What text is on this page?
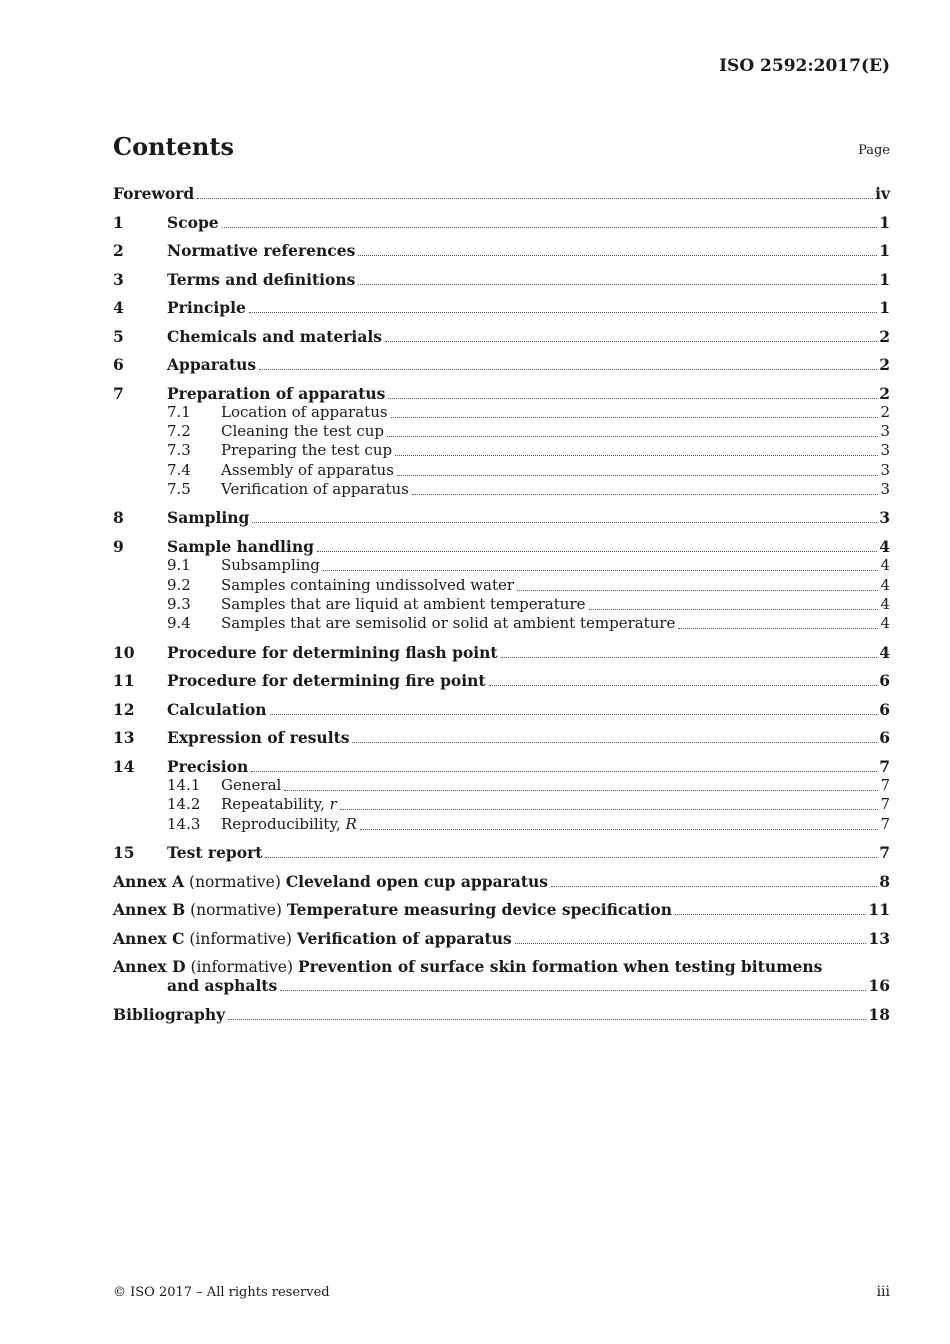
ISO 2592:2017(E)
Contents	Page
Foreword	iv
1	Scope	1
2	Normative references	1
3	Terms and definitions	1
4	Principle	1
5	Chemicals and materials	2
6	Apparatus	2
7	Preparation of apparatus	2
7.1	Location of apparatus	2
7.2	Cleaning the test cup	3
7.3	Preparing the test cup	3
7.4	Assembly of apparatus	3
7.5	Verification of apparatus	3
8	Sampling	3
9	Sample handling	4
9.1	Subsampling	4
9.2	Samples containing undissolved water	4
9.3	Samples that are liquid at ambient temperature	4
9.4	Samples that are semisolid or solid at ambient temperature	4
10	Procedure for determining flash point	4
11	Procedure for determining fire point	6
12	Calculation	6
13	Expression of results	6
14	Precision	7
14.1	General	7
14.2	Repeatability, r	7
14.3	Reproducibility, R	7
15	Test report	7
Annex A (normative) Cleveland open cup apparatus	8
Annex B (normative) Temperature measuring device specification	11
Annex C (informative) Verification of apparatus	13
Annex D (informative) Prevention of surface skin formation when testing bitumens
and asphalts	16
Bibliography	18
© ISO 2017 – All rights reserved	iii
